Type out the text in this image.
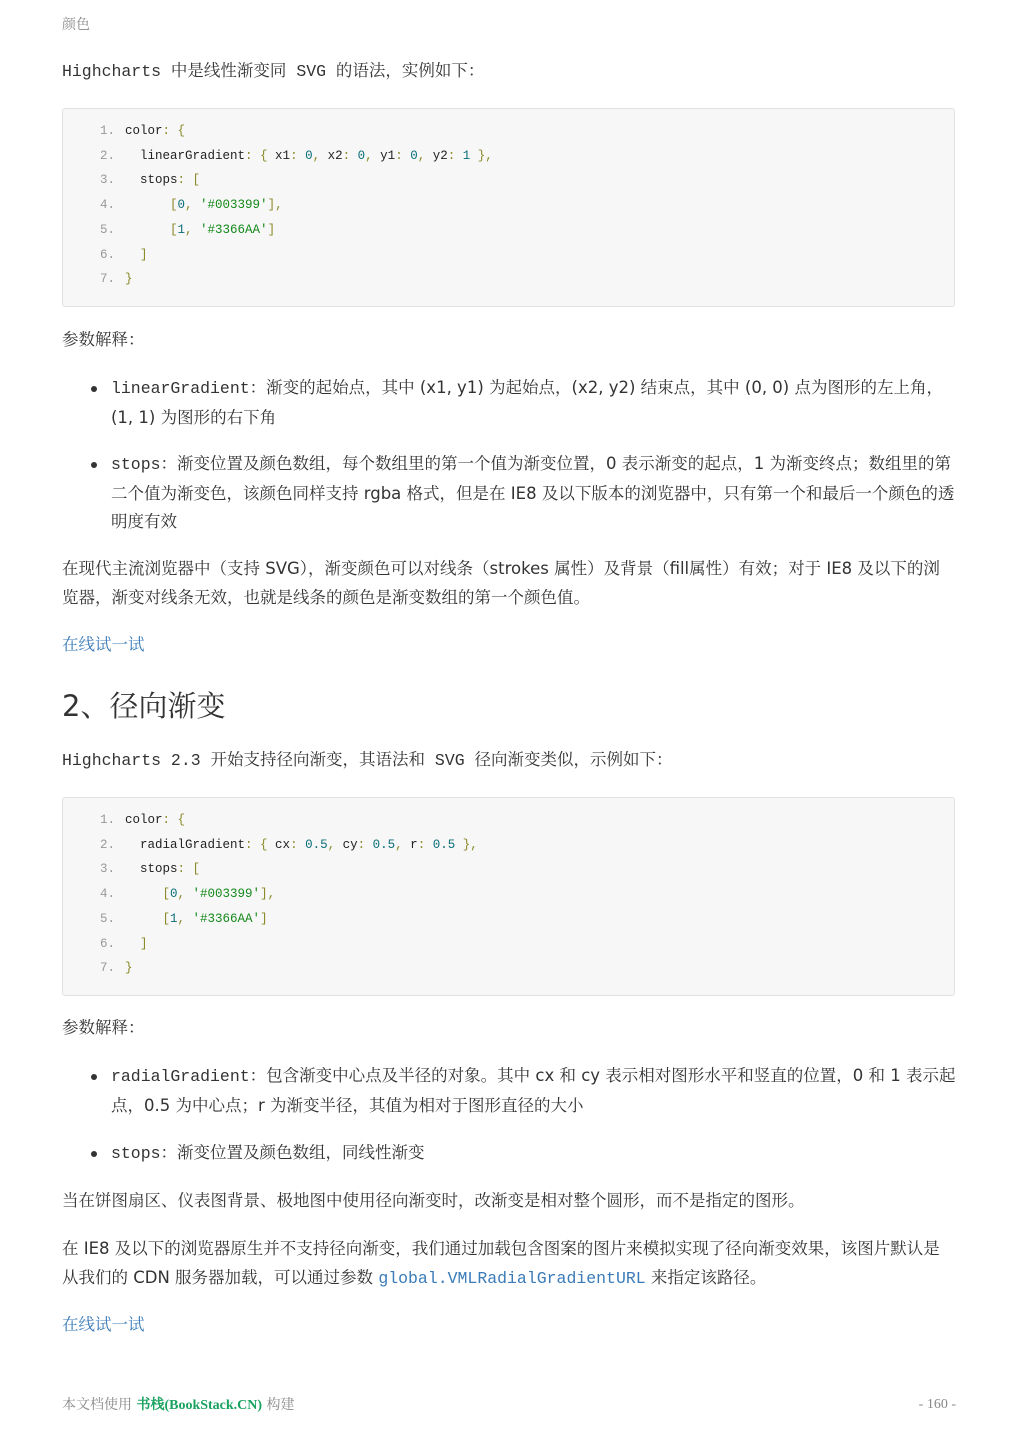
颜色
Highcharts 中是线性渐变同 SVG 的语法，实例如下：
1. color: {
2. linearGradient: { x1: 0, x2: 0, y1: 0, y2: 1 },
3. stops: [
4. [0, '#003399'],
5. [1, '#3366AA']
6. ]
7. }
参数解释：
linearGradient：渐变的起始点，其中 (x1, y1) 为起始点，(x2, y2) 结束点，其中 (0, 0) 点为图形的左上角，(1, 1) 为图形的右下角
stops：渐变位置及颜色数组，每个数组里的第一个值为渐变位置，0 表示渐变的起点，1 为渐变终点；数组里的第二个值为渐变色，该颜色同样支持 rgba 格式，但是在 IE8 及以下版本的浏览器中，只有第一个和最后一个颜色的透明度有效
在现代主流浏览器中（支持 SVG），渐变颜色可以对线条（strokes 属性）及背景（fill属性）有效；对于 IE8 及以下的浏览器，渐变对线条无效，也就是线条的颜色是渐变数组的第一个颜色值。
在线试一试
2、径向渐变
Highcharts 2.3 开始支持径向渐变，其语法和 SVG 径向渐变类似，示例如下：
1. color: {
2. radialGradient: { cx: 0.5, cy: 0.5, r: 0.5 },
3. stops: [
4. [0, '#003399'],
5. [1, '#3366AA']
6. ]
7. }
参数解释：
radialGradient：包含渐变中心点及半径的对象。其中 cx 和 cy 表示相对图形水平和竖直的位置，0 和 1 表示起点，0.5 为中心点；r 为渐变半径，其值为相对于图形直径的大小
stops：渐变位置及颜色数组，同线性渐变
当在饼图扇区、仪表图背景、极地图中使用径向渐变时，改渐变是相对整个圆形，而不是指定的图形。
在 IE8 及以下的浏览器原生并不支持径向渐变，我们通过加载包含图案的图片来模拟实现了径向渐变效果，该图片默认是从我们的 CDN 服务器加载，可以通过参数 global.VMLRadialGradientURL 来指定该路径。
在线试一试
本文档使用 书栈(BookStack.CN) 构建	- 160 -
